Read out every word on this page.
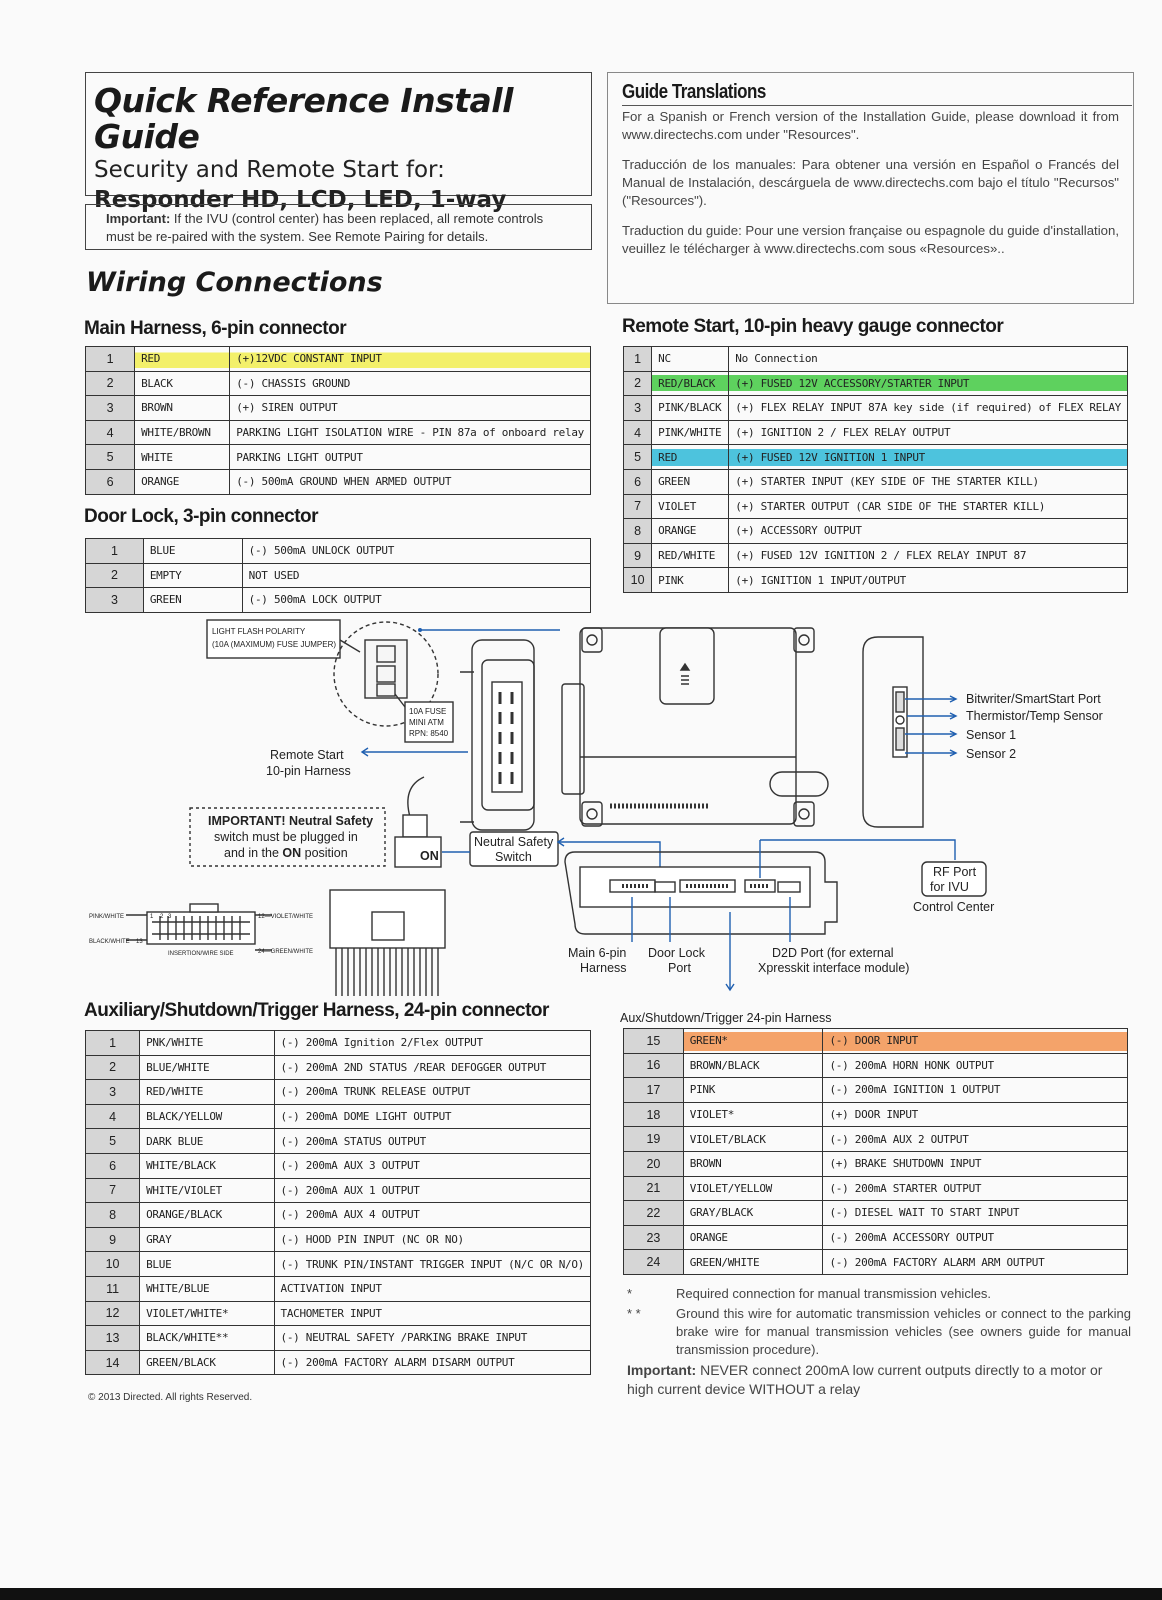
Quick Reference Install Guide
Security and Remote Start for:
Responder HD, LCD, LED, 1-way
Important: If the IVU (control center) has been replaced, all remote controls
must be re-paired with the system. See Remote Pairing for details.
Wiring Connections
Guide Translations

For a Spanish or French version of the Installation Guide, please download it from www.directechs.com under "Resources".

Traducción de los manuales: Para obtener una versión en Español o Francés del Manual de Instalación, descárguela de www.directechs.com bajo el título "Recursos" ("Resources").

Traduction du guide: Pour une version française ou espagnole du guide d'installation, veuillez le télécharger à www.directechs.com sous «Resources»..

Main Harness, 6-pin connector
Door Lock, 3-pin connector
Remote Start, 10-pin heavy gauge connector
Auxiliary/Shutdown/Trigger Harness, 24-pin connector	Aux/Shutdown/Trigger 24-pin Harness
1	RED	(+)12VDC CONSTANT INPUT
2	BLACK	(-) CHASSIS GROUND
3	BROWN	(+) SIREN OUTPUT
4	WHITE/BROWN	PARKING LIGHT ISOLATION WIRE - PIN 87a of onboard relay
5	WHITE	PARKING LIGHT OUTPUT
6	ORANGE	(-) 500mA GROUND WHEN ARMED OUTPUT
1	BLUE	(-) 500mA UNLOCK OUTPUT
2	EMPTY	NOT USED
3	GREEN	(-) 500mA LOCK OUTPUT
1	NC	No Connection
2	RED/BLACK	(+) FUSED 12V ACCESSORY/STARTER INPUT
3	PINK/BLACK	(+) FLEX RELAY INPUT 87A key side (if required) of FLEX RELAY
4	PINK/WHITE	(+) IGNITION 2 / FLEX RELAY OUTPUT
5	RED	(+) FUSED 12V IGNITION 1 INPUT
6	GREEN	(+) STARTER INPUT (KEY SIDE OF THE STARTER KILL)
7	VIOLET	(+) STARTER OUTPUT (CAR SIDE OF THE STARTER KILL)
8	ORANGE	(+) ACCESSORY OUTPUT
9	RED/WHITE	(+) FUSED 12V IGNITION 2 / FLEX RELAY INPUT 87
10	PINK	(+) IGNITION 1 INPUT/OUTPUT
1	PNK/WHITE	(-) 200mA Ignition 2/Flex OUTPUT
2	BLUE/WHITE	(-) 200mA 2ND STATUS /REAR DEFOGGER OUTPUT
3	RED/WHITE	(-) 200mA TRUNK RELEASE OUTPUT
4	BLACK/YELLOW	(-) 200mA DOME LIGHT OUTPUT
5	DARK BLUE	(-) 200mA STATUS OUTPUT
6	WHITE/BLACK	(-) 200mA AUX 3 OUTPUT
7	WHITE/VIOLET	(-) 200mA AUX 1 OUTPUT
8	ORANGE/BLACK	(-) 200mA AUX 4 OUTPUT
9	GRAY	(-) HOOD PIN INPUT (NC OR NO)
10	BLUE	(-) TRUNK PIN/INSTANT TRIGGER INPUT (N/C OR N/O)
11	WHITE/BLUE	ACTIVATION INPUT
12	VIOLET/WHITE*	TACHOMETER INPUT
13	BLACK/WHITE**	(-) NEUTRAL SAFETY /PARKING BRAKE INPUT
14	GREEN/BLACK	(-) 200mA FACTORY ALARM DISARM OUTPUT
15	GREEN*	(-) DOOR INPUT
16	BROWN/BLACK	(-) 200mA HORN HONK OUTPUT
17	PINK	(-) 200mA IGNITION 1 OUTPUT
18	VIOLET*	(+) DOOR INPUT
19	VIOLET/BLACK	(-) 200mA AUX 2 OUTPUT
20	BROWN	(+) BRAKE SHUTDOWN INPUT
21	VIOLET/YELLOW	(-) 200mA STARTER OUTPUT
22	GRAY/BLACK	(-) DIESEL WAIT TO START INPUT
23	ORANGE	(-) 200mA ACCESSORY OUTPUT
24	GREEN/WHITE	(-) 200mA FACTORY ALARM ARM OUTPUT
LIGHT FLASH POLARITY
(10A (MAXIMUM) FUSE JUMPER)
10A FUSE
MINI ATM
RPN: 8540
Remote Start
10-pin Harness
IMPORTANT! Neutral Safety
switch must be plugged in
and in the ON position	ON
Neutral Safety
Switch
Bitwriter/SmartStart Port
Thermistor/Temp Sensor
Sensor 1
Sensor 2
RF Port
for IVU
Control Center
Main 6-pin
Harness
Door Lock
Port
D2D Port (for external
Xpresskit interface module)
PINK/WHITE	1 2 3	12—VIOLET/WHITE
BLACK/WHITE 13
24—GREEN/WHITE
INSERTION/WIRE SIDE
*	Required connection for manual transmission vehicles.
* *	Ground this wire for automatic transmission vehicles or connect to the parking brake wire for manual transmission vehicles (see owners guide for manual transmission procedure).
Important: NEVER connect 200mA low current outputs directly to a motor or high current device WITHOUT a relay
© 2013 Directed. All rights Reserved.
